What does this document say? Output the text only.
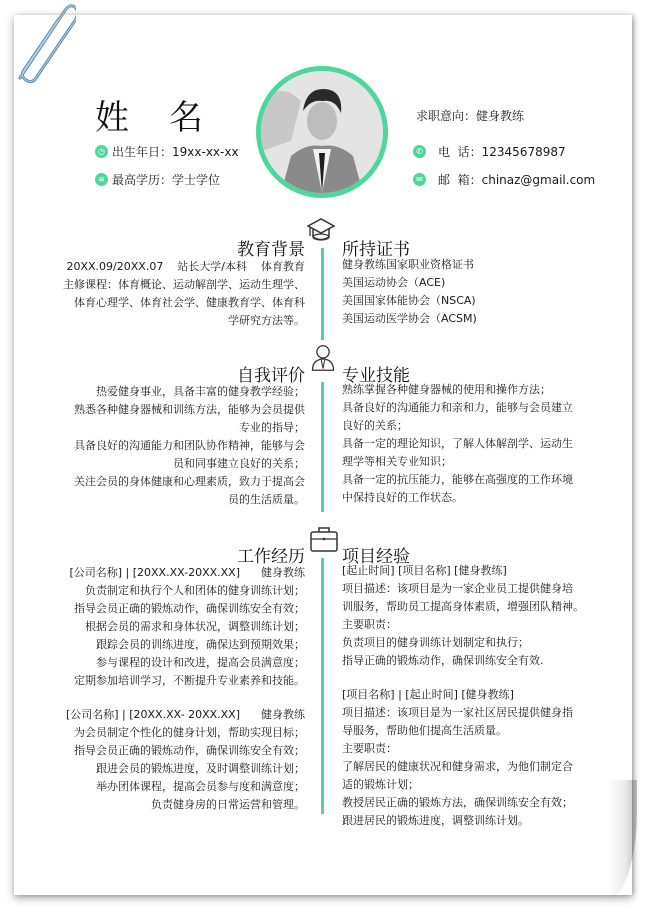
姓名
◷ 出生年日： 19xx-xx-xx
≋ 最高学历： 学士学位
求职意向： 健身教练
✆ 电  话： 12345678987
✉ 邮  箱： chinaz@gmail.com
教育背景

20XX.09/20XX.07    站长大学/本科    体育教育

主修课程：体育概论、运动解剖学、运动生理学、

体育心理学、体育社会学、健康教育学、体育科

学研究方法等。

所持证书

健身教练国家职业资格证书

美国运动协会（ACE)

美国国家体能协会（NSCA)

美国运动医学协会（ACSM)

自我评价

热爱健身事业，具备丰富的健身教学经验；

熟悉各种健身器械和训练方法，能够为会员提供

专业的指导；

具备良好的沟通能力和团队协作精神，能够与会

员和同事建立良好的关系；

关注会员的身体健康和心理素质，致力于提高会

员的生活质量。

专业技能

熟练掌握各种健身器械的使用和操作方法；

具备良好的沟通能力和亲和力，能够与会员建立

良好的关系；

具备一定的理论知识，了解人体解剖学、运动生

理学等相关专业知识；

具备一定的抗压能力，能够在高强度的工作环境

中保持良好的工作状态。

工作经历

[公司名称] | [20XX.XX-20XX.XX]      健身教练

负责制定和执行个人和团体的健身训练计划；

指导会员正确的锻炼动作，确保训练安全有效；

根据会员的需求和身体状况，调整训练计划；

跟踪会员的训练进度，确保达到预期效果；

参与课程的设计和改进，提高会员满意度；

定期参加培训学习，不断提升专业素养和技能。

[公司名称] | [20XX.XX- 20XX.XX]      健身教练

为会员制定个性化的健身计划，帮助实现目标；

指导会员正确的锻炼动作，确保训练安全有效；

跟进会员的锻炼进度，及时调整训练计划；

举办团体课程，提高会员参与度和满意度；

负责健身房的日常运营和管理。

项目经验

[起止时间] [项目名称] [健身教练]

项目描述：该项目是为一家企业员工提供健身培

训服务，帮助员工提高身体素质，增强团队精神。

主要职责：

负责项目的健身训练计划制定和执行；

指导正确的锻炼动作，确保训练安全有效.

[项目名称] | [起止时间] [健身教练]

项目描述：该项目是为一家社区居民提供健身指

导服务，帮助他们提高生活质量。

主要职责：

了解居民的健康状况和健身需求，为他们制定合

适的锻炼计划；

教授居民正确的锻炼方法，确保训练安全有效；

跟进居民的锻炼进度，调整训练计划。
